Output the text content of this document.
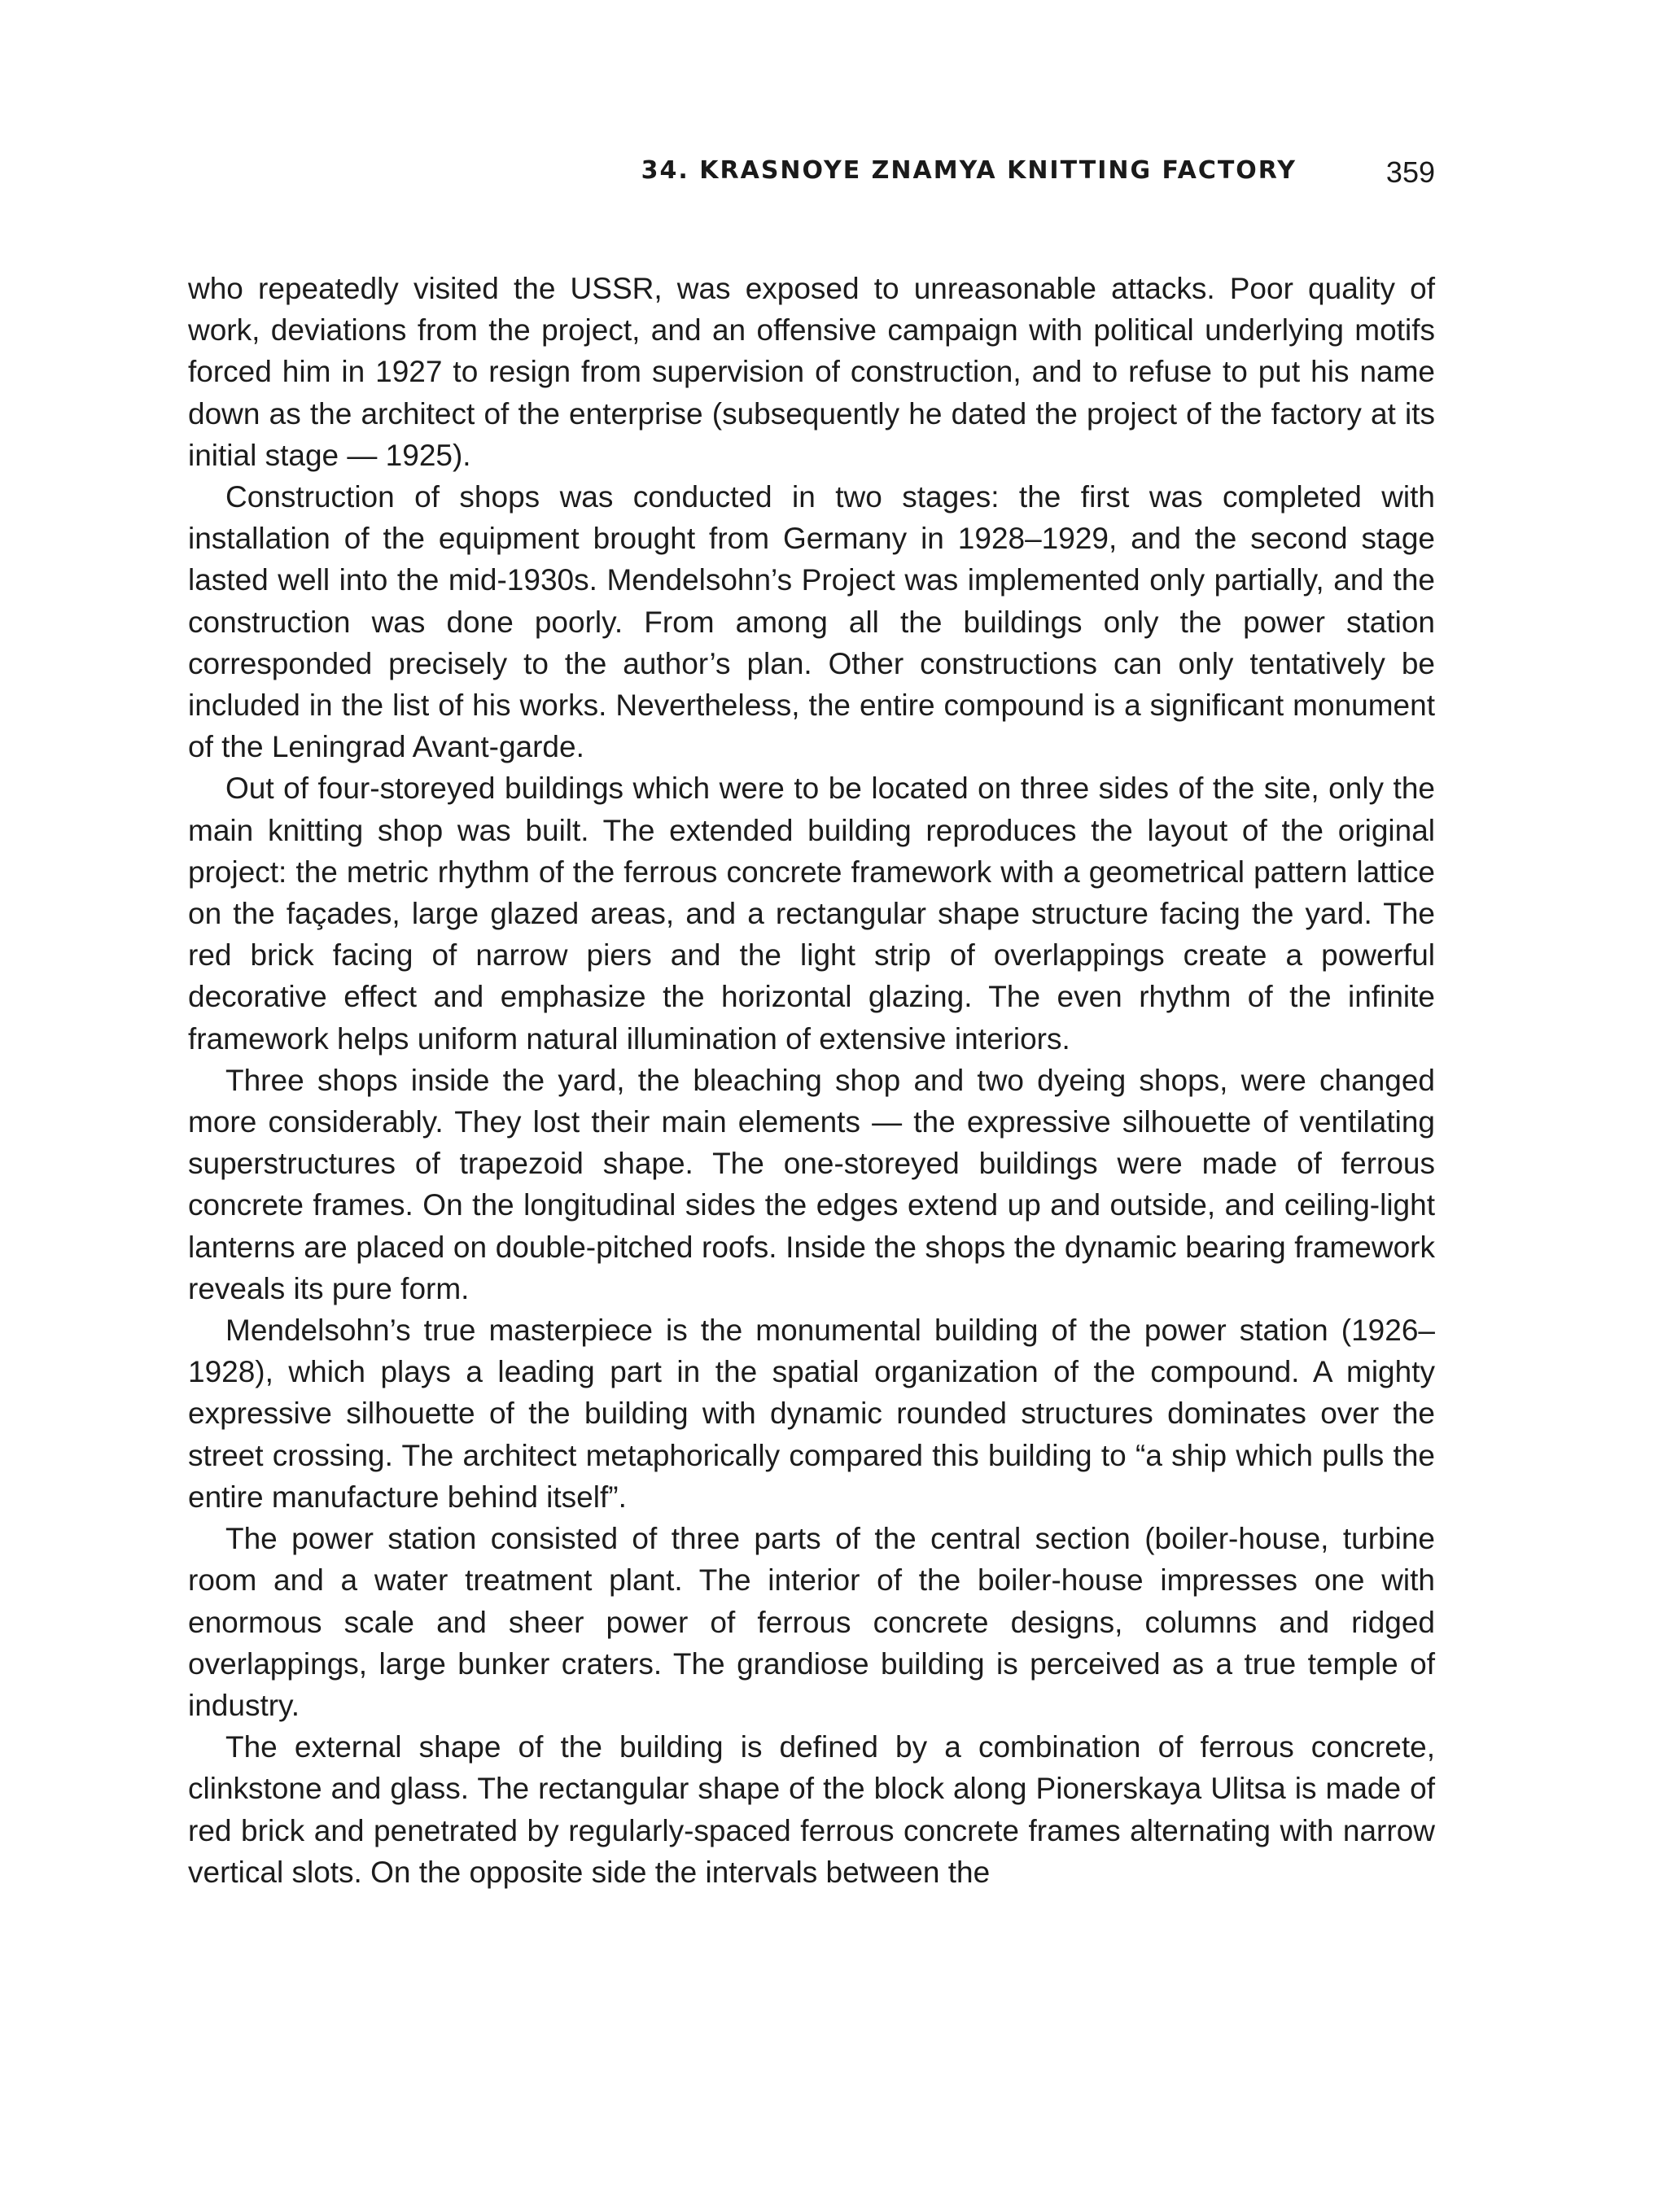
34. KRASNOYE ZNAMYA KNITTING FACTORY	359

who repeatedly visited the USSR, was exposed to unreasonable attacks. Poor quality of work, deviations from the project, and an offensive campaign with political underlying motifs forced him in 1927 to resign from supervision of construction, and to refuse to put his name down as the architect of the enterprise (subsequently he dated the project of the factory at its initial stage — 1925).

Construction of shops was conducted in two stages: the first was completed with installation of the equipment brought from Germany in 1928–1929, and the second stage lasted well into the mid-1930s. Mendelsohn’s Project was implemented only partially, and the construction was done poorly. From among all the buildings only the power station corresponded precisely to the author’s plan. Other constructions can only tentatively be included in the list of his works. Nevertheless, the entire compound is a significant monument of the Leningrad Avant-garde.

Out of four-storeyed buildings which were to be located on three sides of the site, only the main knitting shop was built. The extended building reproduces the layout of the original project: the metric rhythm of the ferrous concrete framework with a geometrical pattern lattice on the façades, large glazed areas, and a rectangular shape structure facing the yard. The red brick facing of narrow piers and the light strip of overlappings create a powerful decorative effect and emphasize the horizontal glazing. The even rhythm of the infinite framework helps uniform natural illumination of extensive interiors.

Three shops inside the yard, the bleaching shop and two dyeing shops, were changed more considerably. They lost their main elements — the expressive silhouette of ventilating superstructures of trapezoid shape. The one-storeyed buildings were made of ferrous concrete frames. On the longitudinal sides the edges extend up and outside, and ceiling-light lanterns are placed on double-pitched roofs. Inside the shops the dynamic bearing framework reveals its pure form.

Mendelsohn’s true masterpiece is the monumental building of the power station (1926–1928), which plays a leading part in the spatial organization of the compound. A mighty expressive silhouette of the building with dynamic rounded structures dominates over the street crossing. The architect metaphorically compared this building to “a ship which pulls the entire manufacture behind itself”.

The power station consisted of three parts of the central section (boiler-house, turbine room and a water treatment plant. The interior of the boiler-house impresses one with enormous scale and sheer power of ferrous concrete designs, columns and ridged overlappings, large bunker craters. The grandiose building is perceived as a true temple of industry.

The external shape of the building is defined by a combination of ferrous concrete, clinkstone and glass. The rectangular shape of the block along Pionerskaya Ulitsa is made of red brick and penetrated by regularly-spaced ferrous concrete frames alternating with narrow vertical slots. On the opposite side the intervals between the
